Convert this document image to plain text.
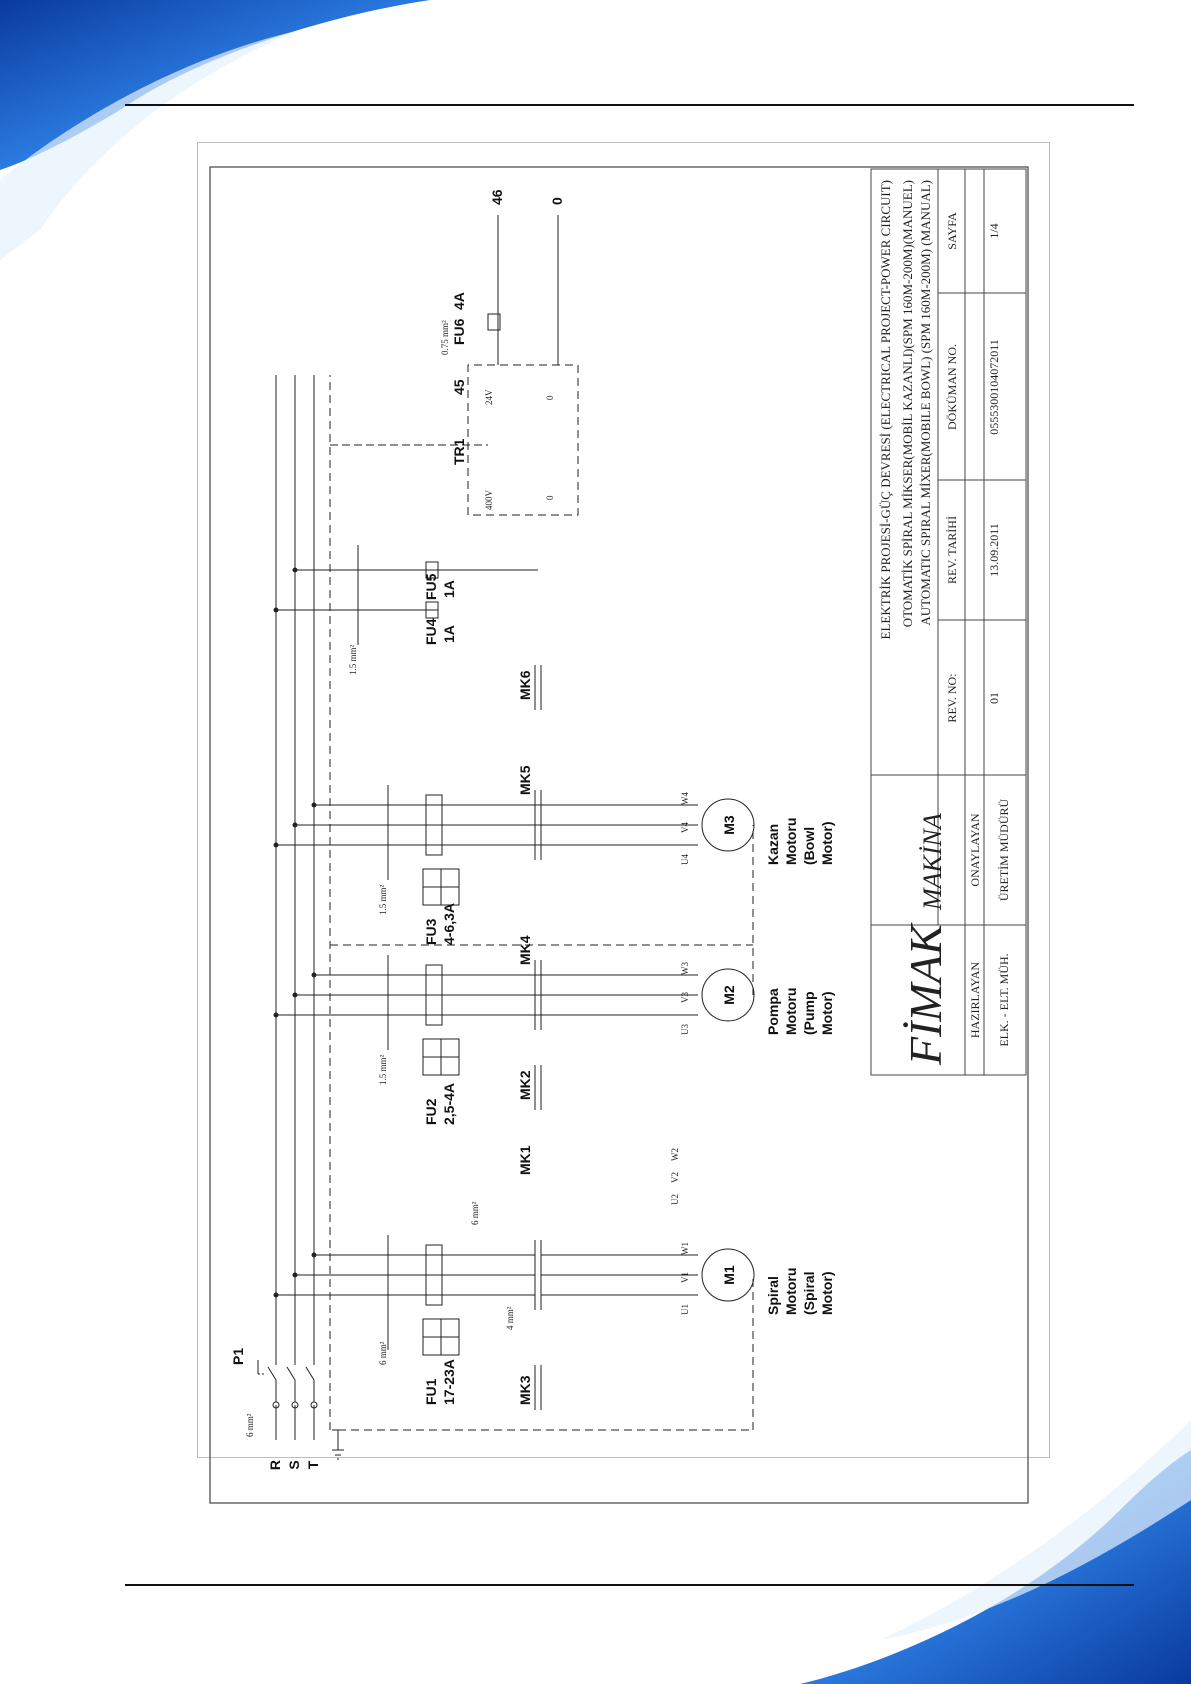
FİMAK
MAKİNA
ELEKTRİK PROJESİ-GÜÇ DEVRESİ (ELECTRICAL PROJECT-POWER CIRCUIT) OTOMATİK SPİRAL MİKSER(MOBİL KAZANLI)(SPM 160M-200M)(MANUEL) AUTOMATIC SPIRAL MİXER(MOBILE BOWL) (SPM 160M-200M) (MANUAL)
HAZIRLAYAN
ONAYLAYAN
REV. NO:
REV. TARİHİ
DÖKÜMAN NO.
SAYFA
ELK. - ELT. MÜH.
ÜRETİM MÜDÜRÜ
01
13.09.2011
05553001040720​11
1/4
R S T
6 mm²
P1	6 mm²
FU1 17-23A
MK1
MK3
4 mm²
MK2
6 mm²
M1
U1
V1
W1
U2
V2
W2
Spiral Motoru (Spiral Motor)
1.5 mm²
FU2 2,5-4A
MK4
M2
U3
V3
W3
Pompa Motoru (Pump Motor)
1.5 mm²
FU3 4-6,3A
MK5
MK6
M3
U4
V4
W4
Kazan Motoru (Bowl Motor)
1.5 mm²
FU4 1A
FU5 1A
TR1
45
400V
24V
0
0
0.75 mm² FU6
4A
46	0
